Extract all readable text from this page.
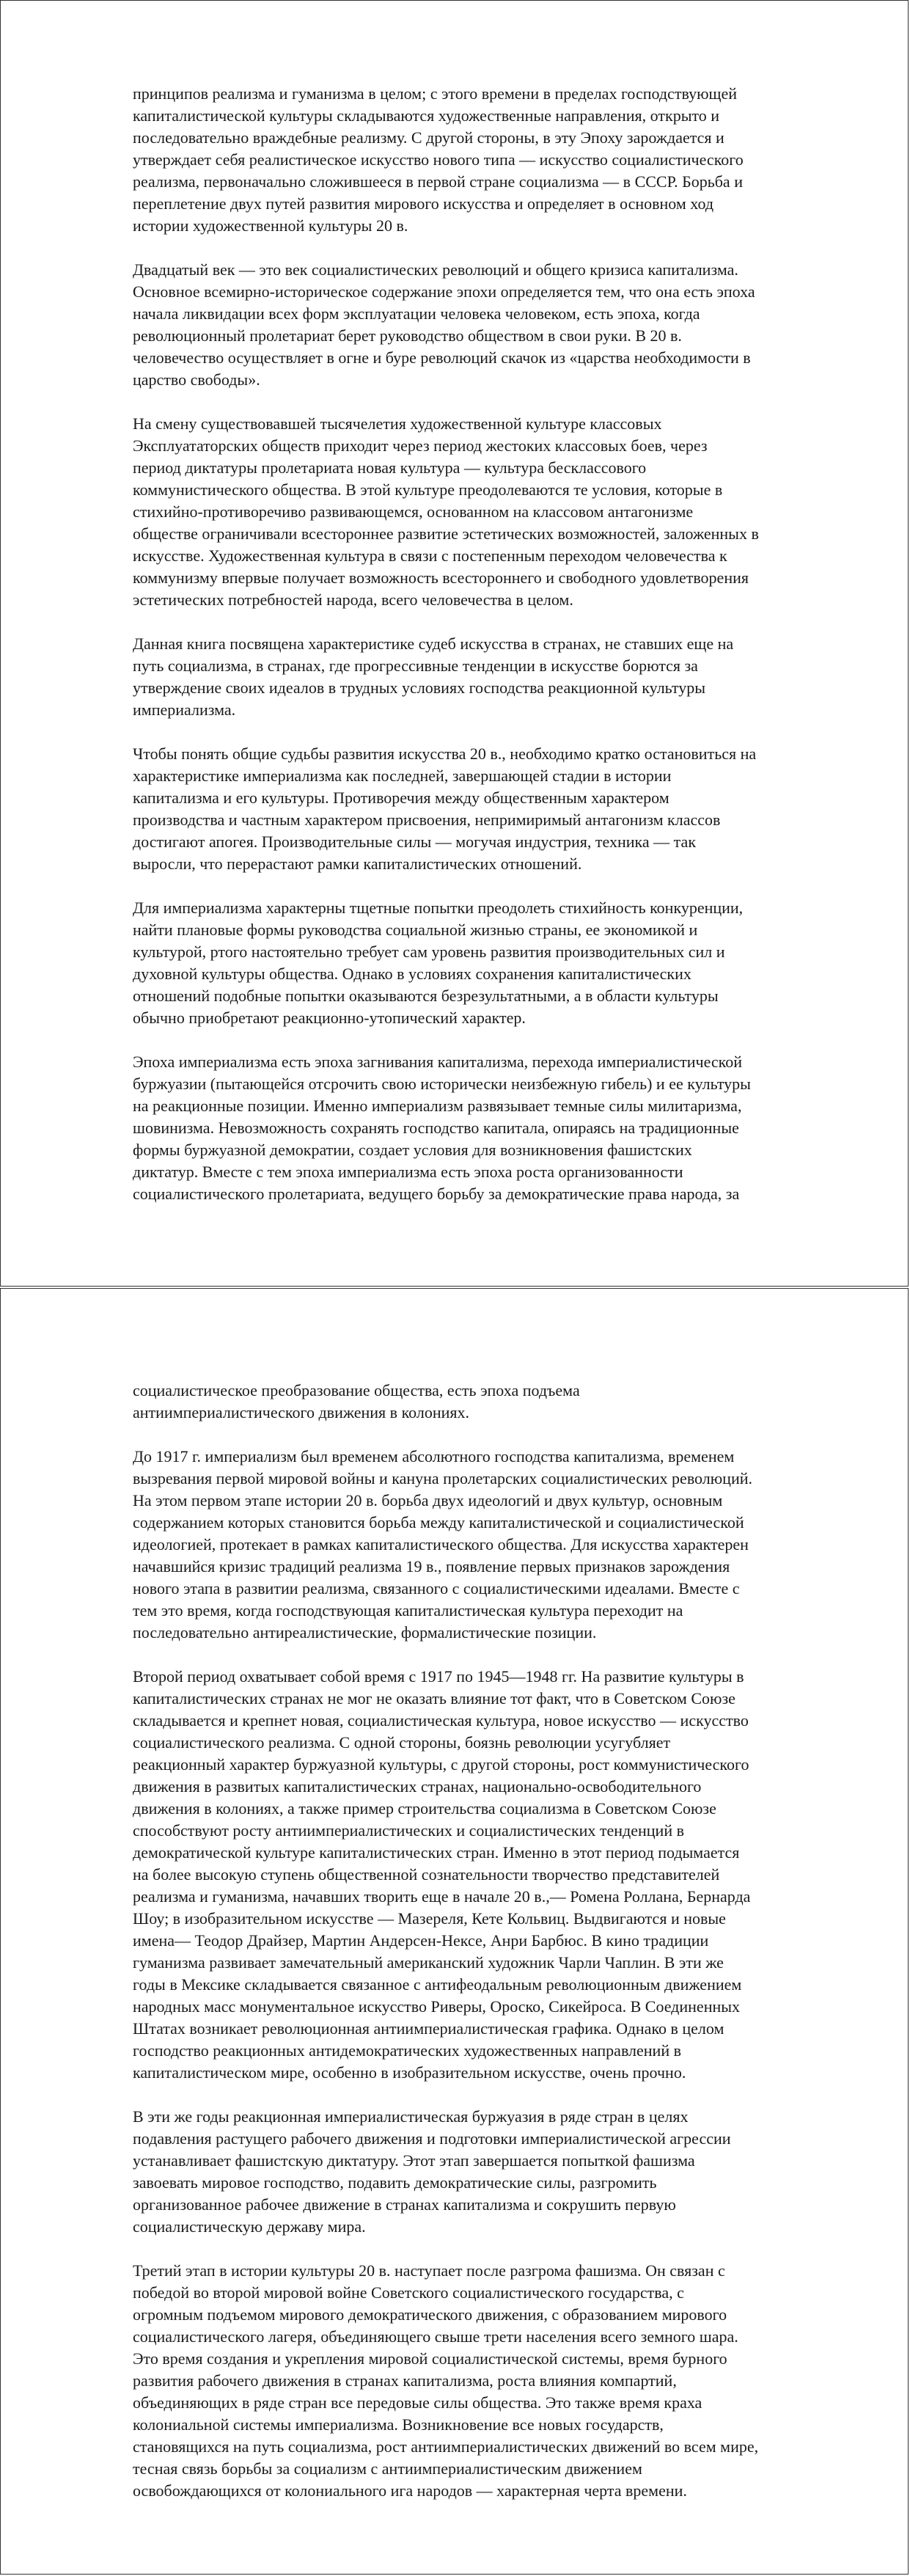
принципов реализма и гуманизма в целом; с этого времени в пределах господствующей
капиталистической культуры складываются художественные направления, открыто и
последовательно враждебные реализму. С другой стороны, в эту Эпоху зарождается и
утверждает себя реалистическое искусство нового типа — искусство социалистического
реализма, первоначально сложившееся в первой стране социализма — в СССР. Борьба и
переплетение двух путей развития мирового искусства и определяет в основном ход
истории художественной культуры 20 в.

Двадцатый век — это век социалистических революций и общего кризиса капитализма.
Основное всемирно-историческое содержание эпохи определяется тем, что она есть эпоха
начала ликвидации всех форм эксплуатации человека человеком, есть эпоха, когда
революционный пролетариат берет руководство обществом в свои руки. В 20 в.
человечество осуществляет в огне и буре революций скачок из «царства необходимости в
царство свободы».

На смену существовавшей тысячелетия художественной культуре классовых
Эксплуататорских обществ приходит через период жестоких классовых боев, через
период диктатуры пролетариата новая культура — культура бесклассового
коммунистического общества. В этой культуре преодолеваются те условия, которые в
стихийно-противоречиво развивающемся, основанном на классовом антагонизме
обществе ограничивали всестороннее развитие эстетических возможностей, заложенных в
искусстве. Художественная культура в связи с постепенным переходом человечества к
коммунизму впервые получает возможность всестороннего и свободного удовлетворения
эстетических потребностей народа, всего человечества в целом.

Данная книга посвящена характеристике судеб искусства в странах, не ставших еще на
путь социализма, в странах, где прогрессивные тенденции в искусстве борются за
утверждение своих идеалов в трудных условиях господства реакционной культуры
империализма.

Чтобы понять общие судьбы развития искусства 20 в., необходимо кратко остановиться на
характеристике империализма как последней, завершающей стадии в истории
капитализма и его культуры. Противоречия между общественным характером
производства и частным характером присвоения, непримиримый антагонизм классов
достигают апогея. Производительные силы — могучая индустрия, техника — так
выросли, что перерастают рамки капиталистических отношений.

Для империализма характерны тщетные попытки преодолеть стихийность конкуренции,
найти плановые формы руководства социальной жизнью страны, ее экономикой и
культурой, ртого настоятельно требует сам уровень развития производительных сил и
духовной культуры общества. Однако в условиях сохранения капиталистических
отношений подобные попытки оказываются безрезультатными, а в области культуры
обычно приобретают реакционно-утопический характер.

Эпоха империализма есть эпоха загнивания капитализма, перехода империалистической
буржуазии (пытающейся отсрочить свою исторически неизбежную гибель) и ее культуры
на реакционные позиции. Именно империализм развязывает темные силы милитаризма,
шовинизма. Невозможность сохранять господство капитала, опираясь на традиционные
формы буржуазной демократии, создает условия для возникновения фашистских
диктатур. Вместе с тем эпоха империализма есть эпоха роста организованности
социалистического пролетариата, ведущего борьбу за демократические права народа, за

социалистическое преобразование общества, есть эпоха подъема
антиимпериалистического движения в колониях.

До 1917 г. империализм был временем абсолютного господства капитализма, временем
вызревания первой мировой войны и кануна пролетарских социалистических революций.
На этом первом этапе истории 20 в. борьба двух идеологий и двух культур, основным
содержанием которых становится борьба между капиталистической и социалистической
идеологией, протекает в рамках капиталистического общества. Для искусства характерен
начавшийся кризис традиций реализма 19 в., появление первых признаков зарождения
нового этапа в развитии реализма, связанного с социалистическими идеалами. Вместе с
тем это время, когда господствующая капиталистическая культура переходит на
последовательно антиреалистические, формалистические позиции.

Второй период охватывает собой время с 1917 по 1945—1948 гг. На развитие культуры в
капиталистических странах не мог не оказать влияние тот факт, что в Советском Союзе
складывается и крепнет новая, социалистическая культура, новое искусство — искусство
социалистического реализма. С одной стороны, боязнь революции усугубляет
реакционный характер буржуазной культуры, с другой стороны, рост коммунистического
движения в развитых капиталистических странах, национально-освободительного
движения в колониях, а также пример строительства социализма в Советском Союзе
способствуют росту антиимпериалистических и социалистических тенденций в
демократической культуре капиталистических стран. Именно в этот период подымается
на более высокую ступень общественной сознательности творчество представителей
реализма и гуманизма, начавших творить еще в начале 20 в.,— Ромена Роллана, Бернарда
Шоу; в изобразительном искусстве — Мазереля, Кете Кольвиц. Выдвигаются и новые
имена— Теодор Драйзер, Мартин Андерсен-Нексе, Анри Барбюс. В кино традиции
гуманизма развивает замечательный американский художник Чарли Чаплин. В эти же
годы в Мексике складывается связанное с антифеодальным революционным движением
народных масс монументальное искусство Риверы, Ороско, Сикейроса. В Соединенных
Штатах возникает революционная антиимпериалистическая графика. Однако в целом
господство реакционных антидемократических художественных направлений в
капиталистическом мире, особенно в изобразительном искусстве, очень прочно.

В эти же годы реакционная империалистическая буржуазия в ряде стран в целях
подавления растущего рабочего движения и подготовки империалистической агрессии
устанавливает фашистскую диктатуру. Этот этап завершается попыткой фашизма
завоевать мировое господство, подавить демократические силы, разгромить
организованное рабочее движение в странах капитализма и сокрушить первую
социалистическую державу мира.

Третий этап в истории культуры 20 в. наступает после разгрома фашизма. Он связан с
победой во второй мировой войне Советского социалистического государства, с
огромным подъемом мирового демократического движения, с образованием мирового
социалистического лагеря, объединяющего свыше трети населения всего земного шара.
Это время создания и укрепления мировой социалистической системы, время бурного
развития рабочего движения в странах капитализма, роста влияния компартий,
объединяющих в ряде стран все передовые силы общества. Это также время краха
колониальной системы империализма. Возникновение все новых государств,
становящихся на путь социализма, рост антиимпериалистических движений во всем мире,
тесная связь борьбы за социализм с антиимпериалистическим движением
освобождающихся от колониального ига народов — характерная черта времени.
